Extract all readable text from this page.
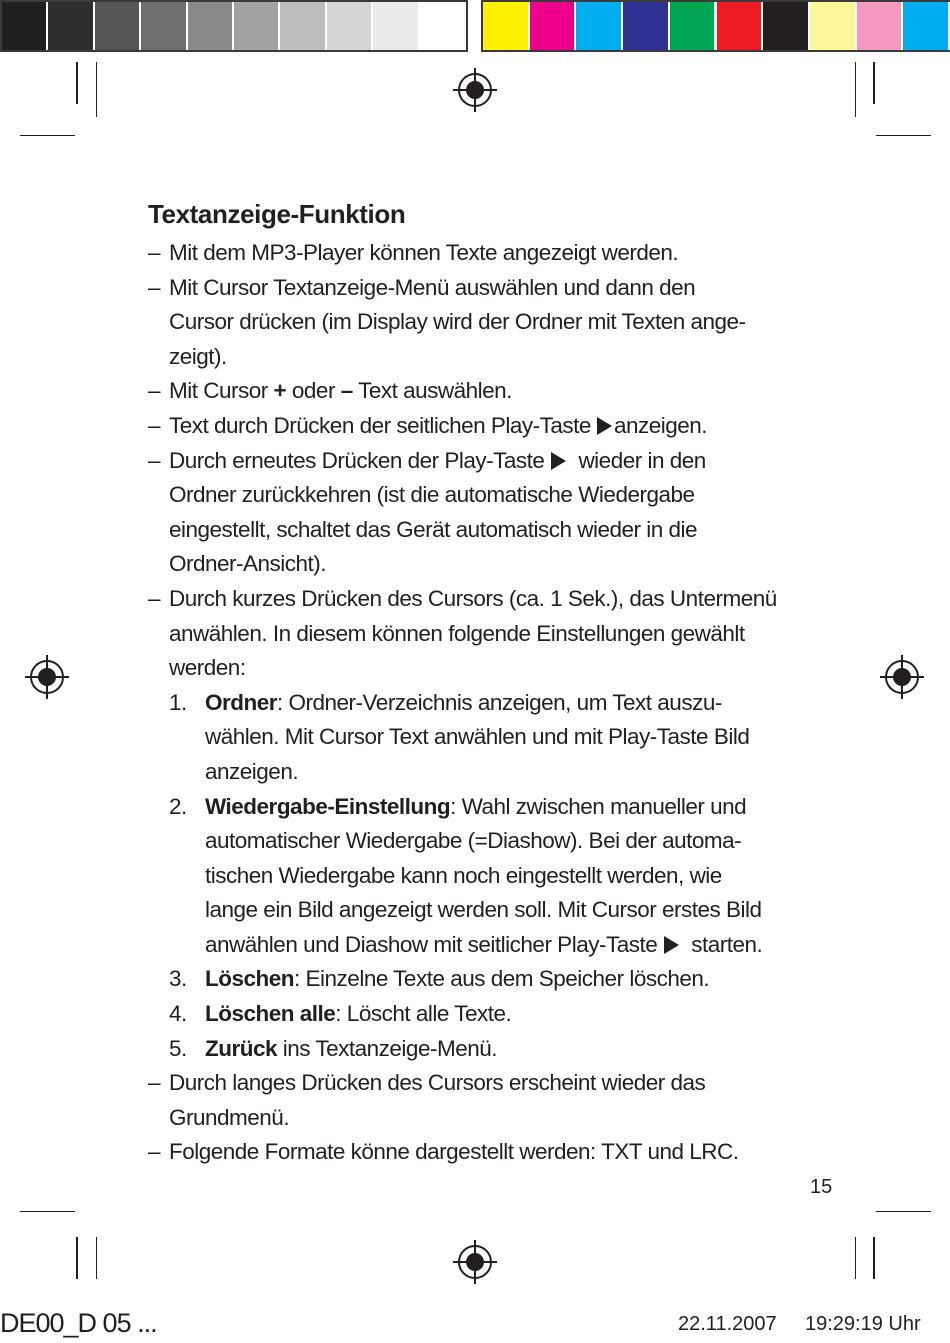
Textanzeige-Funktion
– Mit dem MP3-Player können Texte angezeigt werden.
– Mit Cursor Textanzeige-Menü auswählen und dann den
Cursor drücken (im Display wird der Ordner mit Texten ange-
zeigt).
– Mit Cursor + oder – Text auswählen.
– Text durch Drücken der seitlichen Play-Taste anzeigen.
– Durch erneutes Drücken der Play-Taste wieder in den
Ordner zurückkehren (ist die automatische Wiedergabe
eingestellt, schaltet das Gerät automatisch wieder in die
Ordner-Ansicht).
– Durch kurzes Drücken des Cursors (ca. 1 Sek.), das Untermenü
anwählen. In diesem können folgende Einstellungen gewählt
werden:
1. Ordner: Ordner-Verzeichnis anzeigen, um Text auszu-
wählen. Mit Cursor Text anwählen und mit Play-Taste Bild
anzeigen.
2. Wiedergabe-Einstellung: Wahl zwischen manueller und
automatischer Wiedergabe (=Diashow). Bei der automa-
tischen Wiedergabe kann noch eingestellt werden, wie
lange ein Bild angezeigt werden soll. Mit Cursor erstes Bild
anwählen und Diashow mit seitlicher Play-Taste starten.
3. Löschen: Einzelne Texte aus dem Speicher löschen.
4. Löschen alle: Löscht alle Texte.
5. Zurück ins Textanzeige-Menü.
– Durch langes Drücken des Cursors erscheint wieder das
Grundmenü.
– Folgende Formate könne dargestellt werden: TXT und LRC.
15
DE00_D 05 ...	22.11.2007 19:29:19 Uhr
